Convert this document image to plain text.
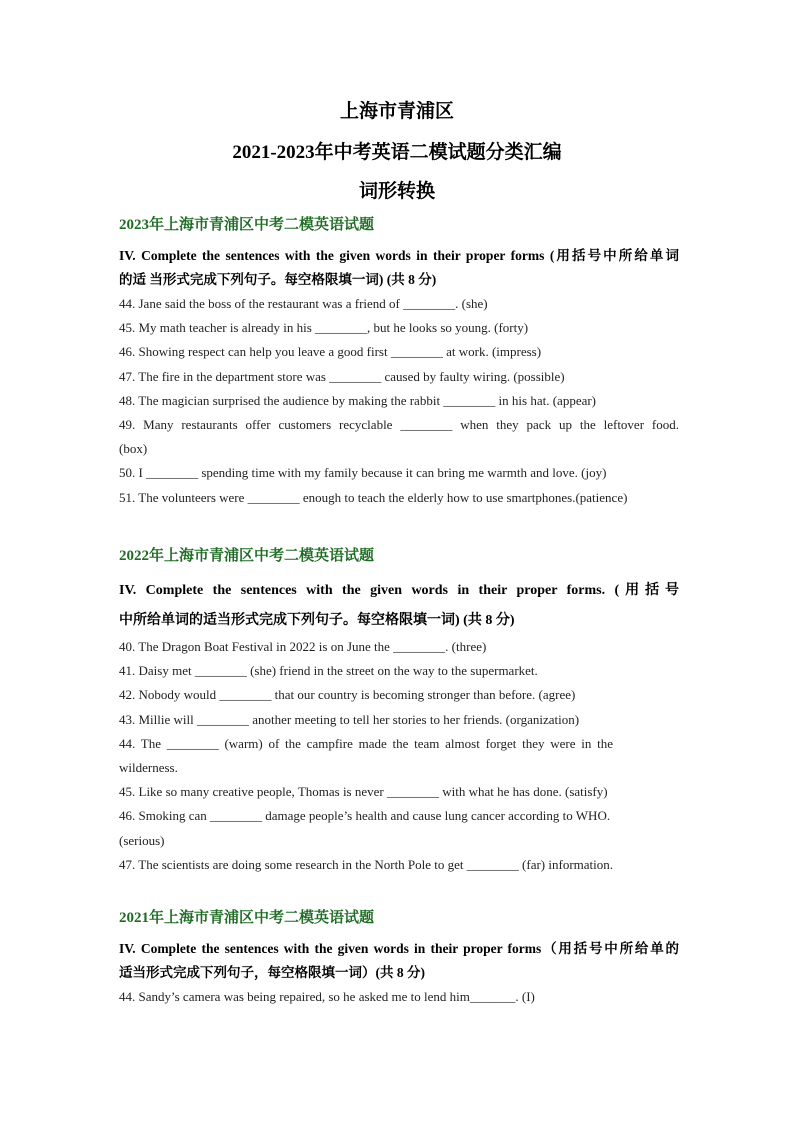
上海市青浦区
2021-2023年中考英语二模试题分类汇编
词形转换
2023年上海市青浦区中考二模英语试题
IV. Complete the sentences with the given words in their proper forms (用括号中所给单词
的适 当形式完成下列句子。每空格限填一词) (共 8 分)
44. Jane said the boss of the restaurant was a friend of ________. (she)
45. My math teacher is already in his ________, but he looks so young. (forty)
46. Showing respect can help you leave a good first ________ at work. (impress)
47. The fire in the department store was ________ caused by faulty wiring. (possible)
48. The magician surprised the audience by making the rabbit ________ in his hat. (appear)
49. Many restaurants offer customers recyclable ________ when they pack up the leftover food.
(box)
50. I ________ spending time with my family because it can bring me warmth and love. (joy)
51. The volunteers were ________ enough to teach the elderly how to use smartphones.(patience)
2022年上海市青浦区中考二模英语试题
IV. Complete the sentences with the given words in their proper forms. (用括号
中所给单词的适当形式完成下列句子。每空格限填一词) (共 8 分)
40. The Dragon Boat Festival in 2022 is on June the ________. (three)
41. Daisy met ________ (she) friend in the street on the way to the supermarket.
42. Nobody would ________ that our country is becoming stronger than before. (agree)
43. Millie will ________ another meeting to tell her stories to her friends. (organization)
44. The ________ (warm) of the campfire made the team almost forget they were in the
wilderness.
45. Like so many creative people, Thomas is never ________ with what he has done. (satisfy)
46. Smoking can ________ damage people’s health and cause lung cancer according to WHO.
(serious)
47. The scientists are doing some research in the North Pole to get ________ (far) information.
2021年上海市青浦区中考二模英语试题
IV. Complete the sentences with the given words in their proper forms（用括号中所给单的
适当形式完成下列句子，每空格限填一词）(共 8 分)
44. Sandy’s camera was being repaired, so he asked me to lend him_______. (I)
